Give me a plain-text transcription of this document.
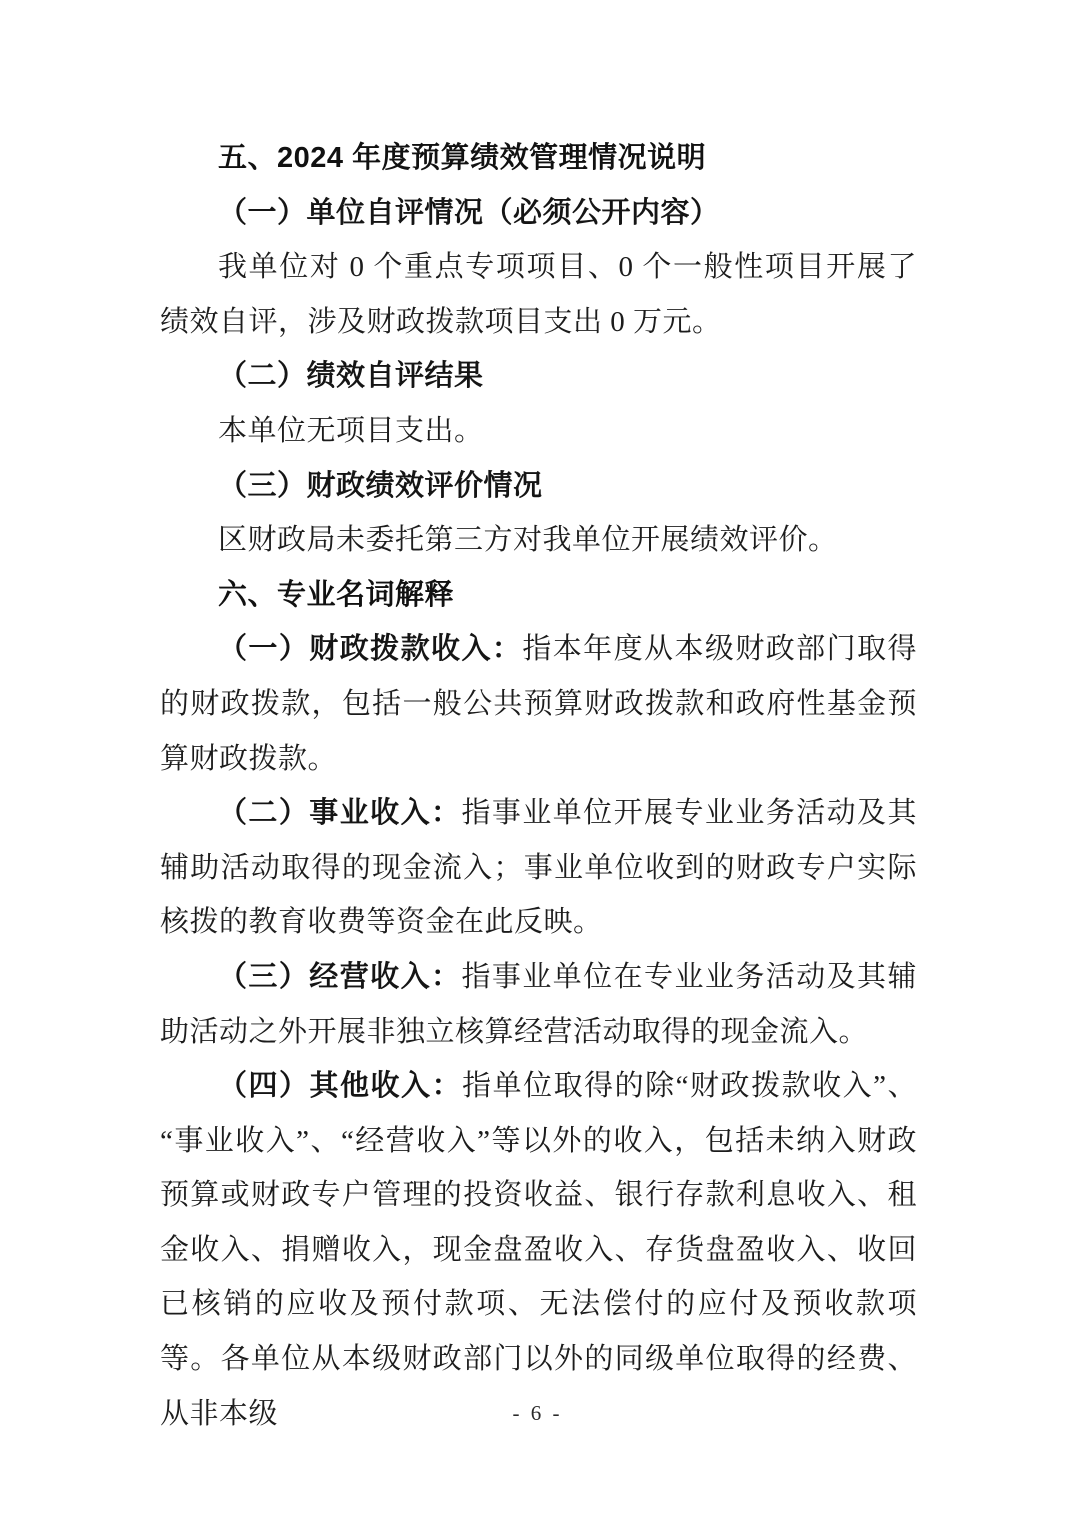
五、2024 年度预算绩效管理情况说明
（一）单位自评情况（必须公开内容）

我单位对 0 个重点专项项目、0 个一般性项目开展了绩效自评，涉及财政拨款项目支出 0 万元。

（二）绩效自评结果

本单位无项目支出。

（三）财政绩效评价情况

区财政局未委托第三方对我单位开展绩效评价。

六、专业名词解释

（一）财政拨款收入：指本年度从本级财政部门取得的财政拨款，包括一般公共预算财政拨款和政府性基金预算财政拨款。

（二）事业收入：指事业单位开展专业业务活动及其辅助活动取得的现金流入；事业单位收到的财政专户实际核拨的教育收费等资金在此反映。

（三）经营收入：指事业单位在专业业务活动及其辅助活动之外开展非独立核算经营活动取得的现金流入。

（四）其他收入：指单位取得的除“财政拨款收入”、“事业收入”、“经营收入”等以外的收入，包括未纳入财政预算或财政专户管理的投资收益、银行存款利息收入、租金收入、捐赠收入，现金盘盈收入、存货盘盈收入、收回已核销的应收及预付款项、无法偿付的应付及预收款项等。各单位从本级财政部门以外的同级单位取得的经费、从非本级	- 6 -
